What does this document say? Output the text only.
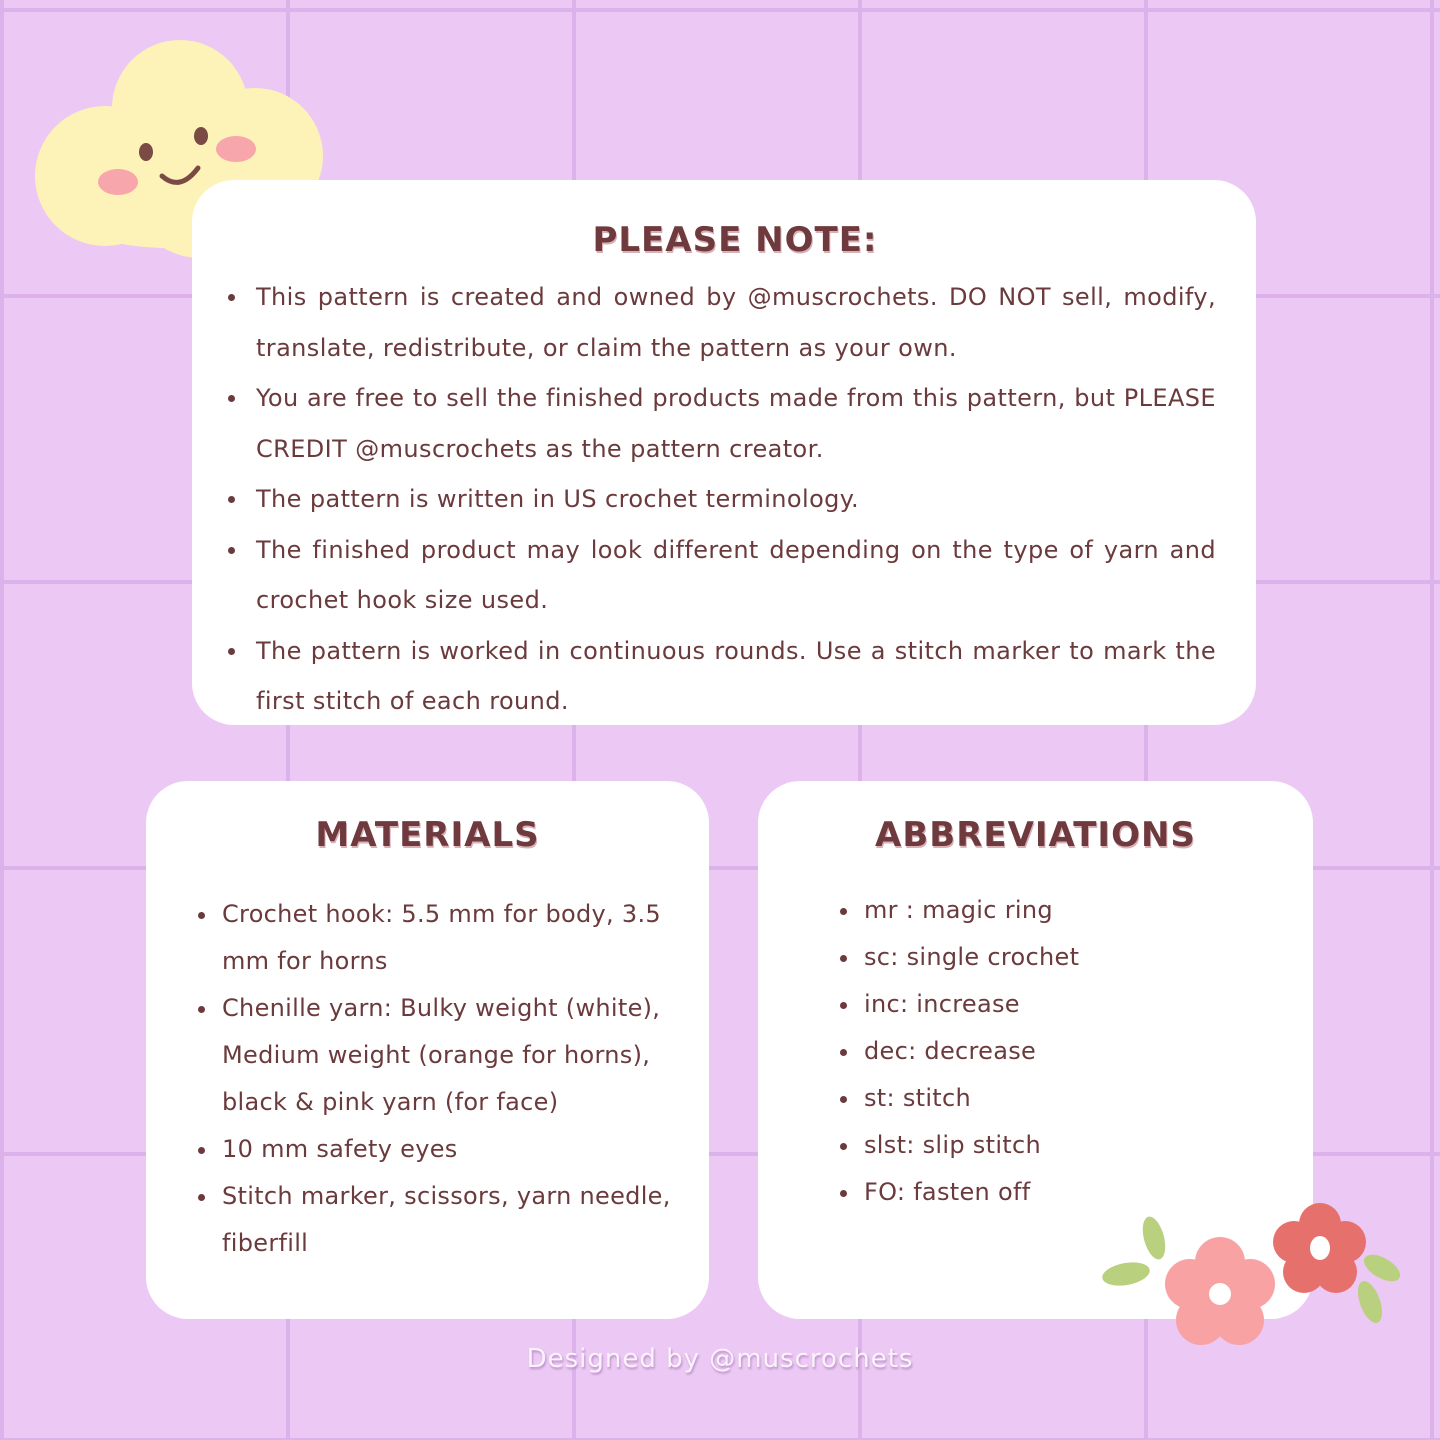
PLEASE NOTE:
This pattern is created and owned by @muscrochets. DO NOT sell, modify, translate, redistribute, or claim the pattern as your own.
You are free to sell the finished products made from this pattern, but PLEASE CREDIT @muscrochets as the pattern creator.
The pattern is written in US crochet terminology.
The finished product may look different depending on the type of yarn and crochet hook size used.
The pattern is worked in continuous rounds. Use a stitch marker to mark the first stitch of each round.
MATERIALS
Crochet hook: 5.5 mm for body, 3.5 mm for horns
Chenille yarn: Bulky weight (white), Medium weight (orange for horns), black & pink yarn (for face)
10 mm safety eyes
Stitch marker, scissors, yarn needle, fiberfill
ABBREVIATIONS
mr : magic ring
sc: single crochet
inc: increase
dec: decrease
st: stitch
slst: slip stitch
FO: fasten off
Designed by @muscrochets
